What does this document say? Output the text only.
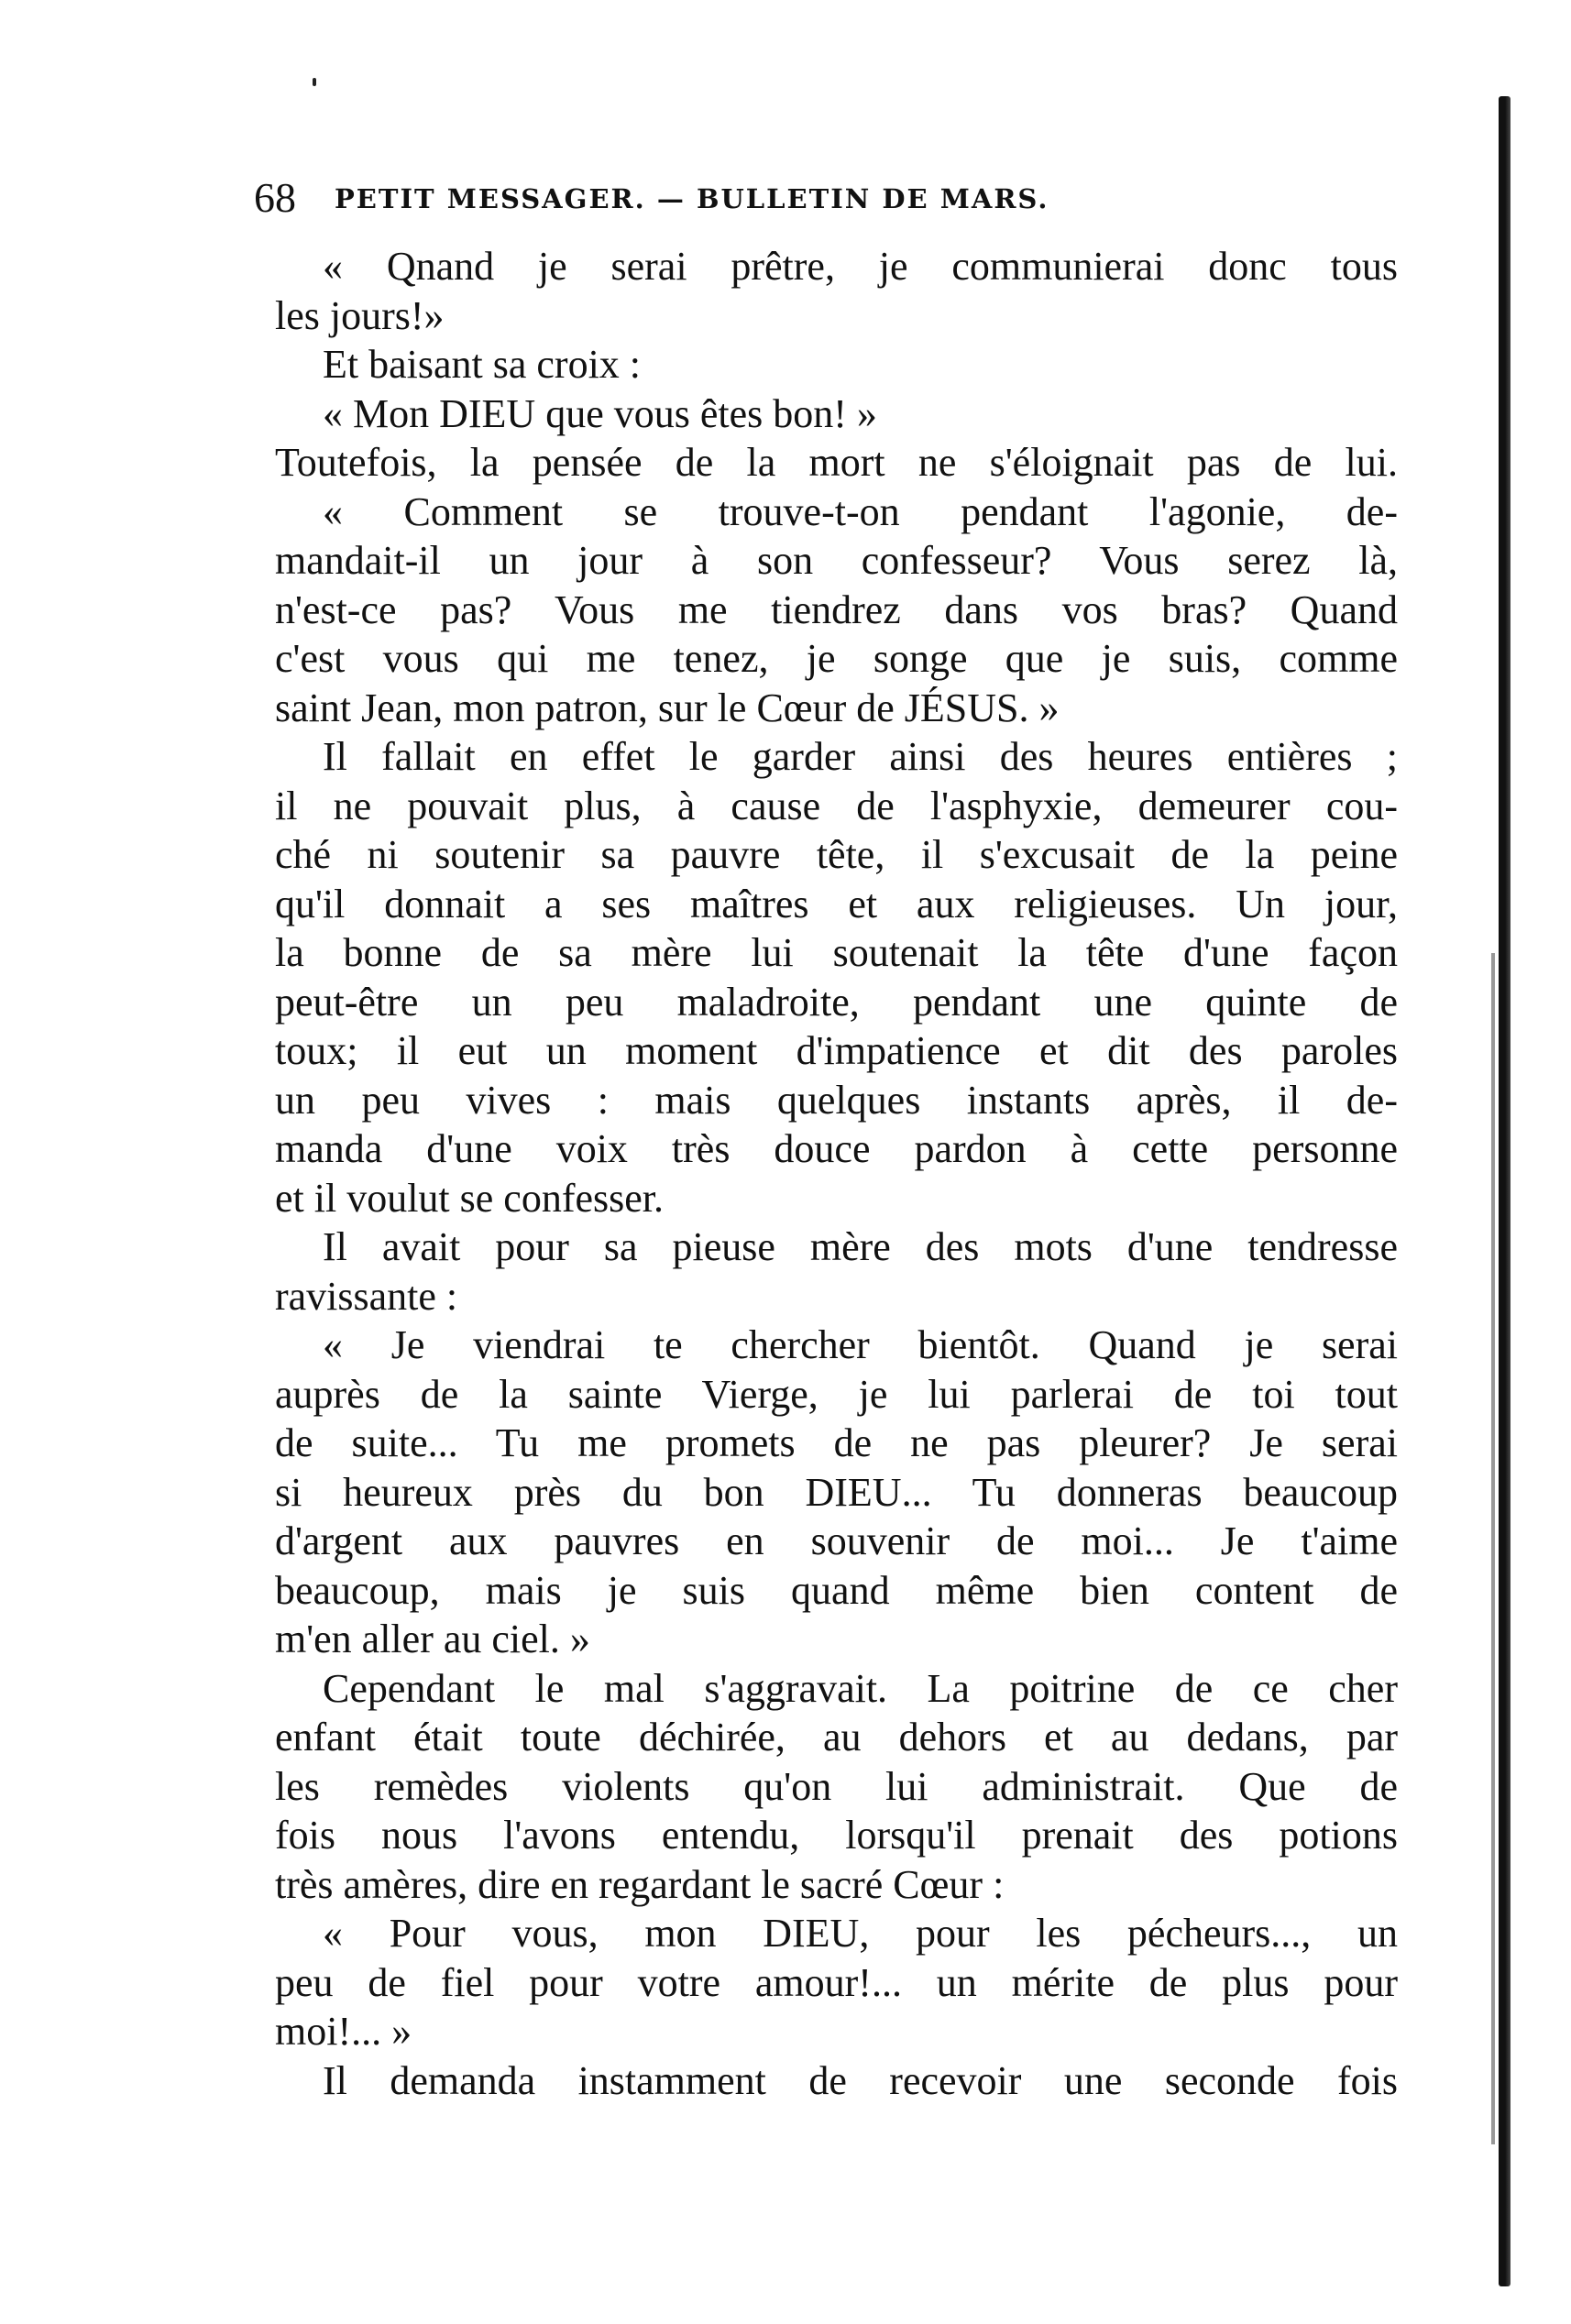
68 PETIT MESSAGER. — BULLETIN DE MARS.
« Qnand je serai prêtre, je communierai donc tous
les jours!»
Et baisant sa croix :
« Mon DIEU que vous êtes bon! »
Toutefois, la pensée de la mort ne s'éloignait pas de lui.
« Comment se trouve-t-on pendant l'agonie, de-
mandait-il un jour à son confesseur? Vous serez là,
n'est-ce pas? Vous me tiendrez dans vos bras? Quand
c'est vous qui me tenez, je songe que je suis, comme
saint Jean, mon patron, sur le Cœur de JÉSUS. »
Il fallait en effet le garder ainsi des heures entières ;
il ne pouvait plus, à cause de l'asphyxie, demeurer cou-
ché ni soutenir sa pauvre tête, il s'excusait de la peine
qu'il donnait a ses maîtres et aux religieuses. Un jour,
la bonne de sa mère lui soutenait la tête d'une façon
peut-être un peu maladroite, pendant une quinte de
toux; il eut un moment d'impatience et dit des paroles
un peu vives : mais quelques instants après, il de-
manda d'une voix très douce pardon à cette personne
et il voulut se confesser.
Il avait pour sa pieuse mère des mots d'une tendresse
ravissante :
« Je viendrai te chercher bientôt. Quand je serai
auprès de la sainte Vierge, je lui parlerai de toi tout
de suite... Tu me promets de ne pas pleurer? Je serai
si heureux près du bon DIEU... Tu donneras beaucoup
d'argent aux pauvres en souvenir de moi... Je t'aime
beaucoup, mais je suis quand même bien content de
m'en aller au ciel. »
Cependant le mal s'aggravait. La poitrine de ce cher
enfant était toute déchirée, au dehors et au dedans, par
les remèdes violents qu'on lui administrait. Que de
fois nous l'avons entendu, lorsqu'il prenait des potions
très amères, dire en regardant le sacré Cœur :
« Pour vous, mon DIEU, pour les pécheurs..., un
peu de fiel pour votre amour!... un mérite de plus pour
moi!... »
Il demanda instamment de recevoir une seconde fois
